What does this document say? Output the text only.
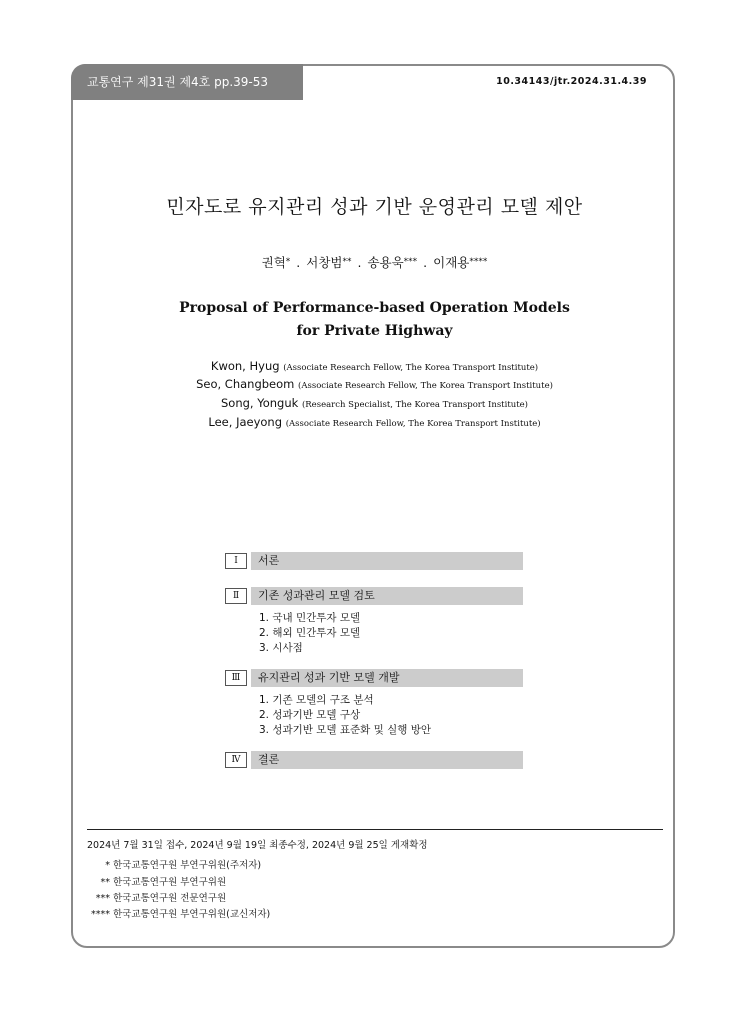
교통연구 제31권 제4호 pp.39-53	10.34143/jtr.2024.31.4.39
민자도로 유지관리 성과 기반 운영관리 모델 제안
권혁* . 서창범** . 송용욱*** . 이재용****
Proposal of Performance-based Operation Models
for Private Highway
Kwon, Hyug (Associate Research Fellow, The Korea Transport Institute)
Seo, Changbeom (Associate Research Fellow, The Korea Transport Institute)
Song, Yonguk (Research Specialist, The Korea Transport Institute)
Lee, Jaeyong (Associate Research Fellow, The Korea Transport Institute)
Ⅰ	서론
Ⅱ	기존 성과관리 모델 검토
1. 국내 민간투자 모델
2. 해외 민간투자 모델
3. 시사점
Ⅲ	유지관리 성과 기반 모델 개발
1. 기존 모델의 구조 분석
2. 성과기반 모델 구상
3. 성과기반 모델 표준화 및 실행 방안
Ⅳ	결론
2024년 7월 31일 접수, 2024년 9월 19일 최종수정, 2024년 9월 25일 게재확정
* 한국교통연구원 부연구위원(주저자)
** 한국교통연구원 부연구위원
*** 한국교통연구원 전문연구원
**** 한국교통연구원 부연구위원(교신저자)
